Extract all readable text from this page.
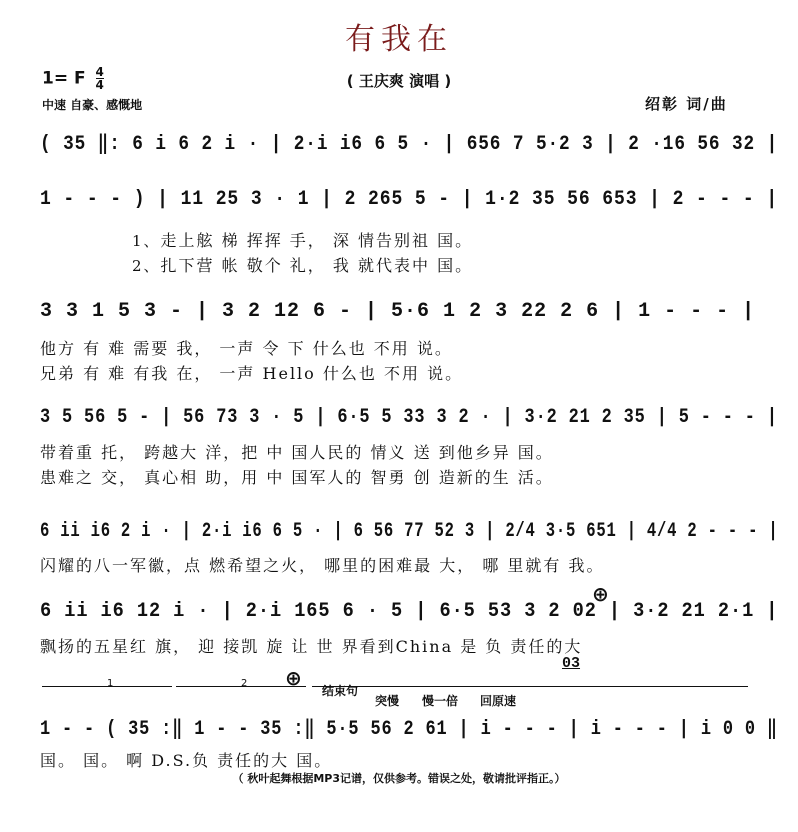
有我在
1= F $\frac{4}{4}$	( 王庆爽 演唱 )
中速 自豪、感慨地	绍彰 词/曲
( 35 ‖: 6 i 6 2 i · | 2·i i6 6 5 · | 656 7 5·2 3 | 2 ·16 56 32 |
1 - - - ) | 11 25 3 · 1 | 2 265 5 - | 1·2 35 56 653 | 2 - - - |
1、走上舷 梯 挥挥 手， 深 情告别祖 国。
2、扎下营 帐 敬个 礼， 我 就代表中 国。
3 3 1 5 3 - | 3 2 12 6 - | 5·6 1 2 3 22 2 6 | 1 - - - |
他方 有 难 需要 我， 一声 令 下 什么也 不用 说。
兄弟 有 难 有我 在， 一声 Hello 什么也 不用 说。
3 5 56 5 - | 56 73 3 · 5 | 6·5 5 33 3 2 · | 3·2 21 2 35 | 5 - - - |
带着重 托， 跨越大 洋，把 中 国人民的 情义 送 到他乡异 国。
患难之 交， 真心相 助，用 中 国军人的 智勇 创 造新的生 活。
6 ii i6 2 i · | 2·i i6 6 5 · | 6 56 77 52 3 | 2/4 3·5 651 | 4/4 2 - - - |
闪耀的八一军徽，点 燃希望之火， 哪里的困难最 大， 哪 里就有 我。
⊕
6 ii i6 12 i · | 2·i 165 6 · 5 | 6·5 53 3 2 02 | 3·2 21 2·1 |
飘扬的五星红 旗， 迎 接凯 旋 让 世 界看到China 是 负 责任的大
03
1	2 ⊕
结束句
突慢 慢一倍 回原速
1 - - ( 35 :‖ 1 - - 35 :‖ 5·5 56 2 61 | i - - - | i - - - | i 0 0 ‖
国。 国。 啊 D.S.负 责任的大 国。
（ 秋叶起舞根据MP3记谱，仅供参考。错误之处，敬请批评指正。）
